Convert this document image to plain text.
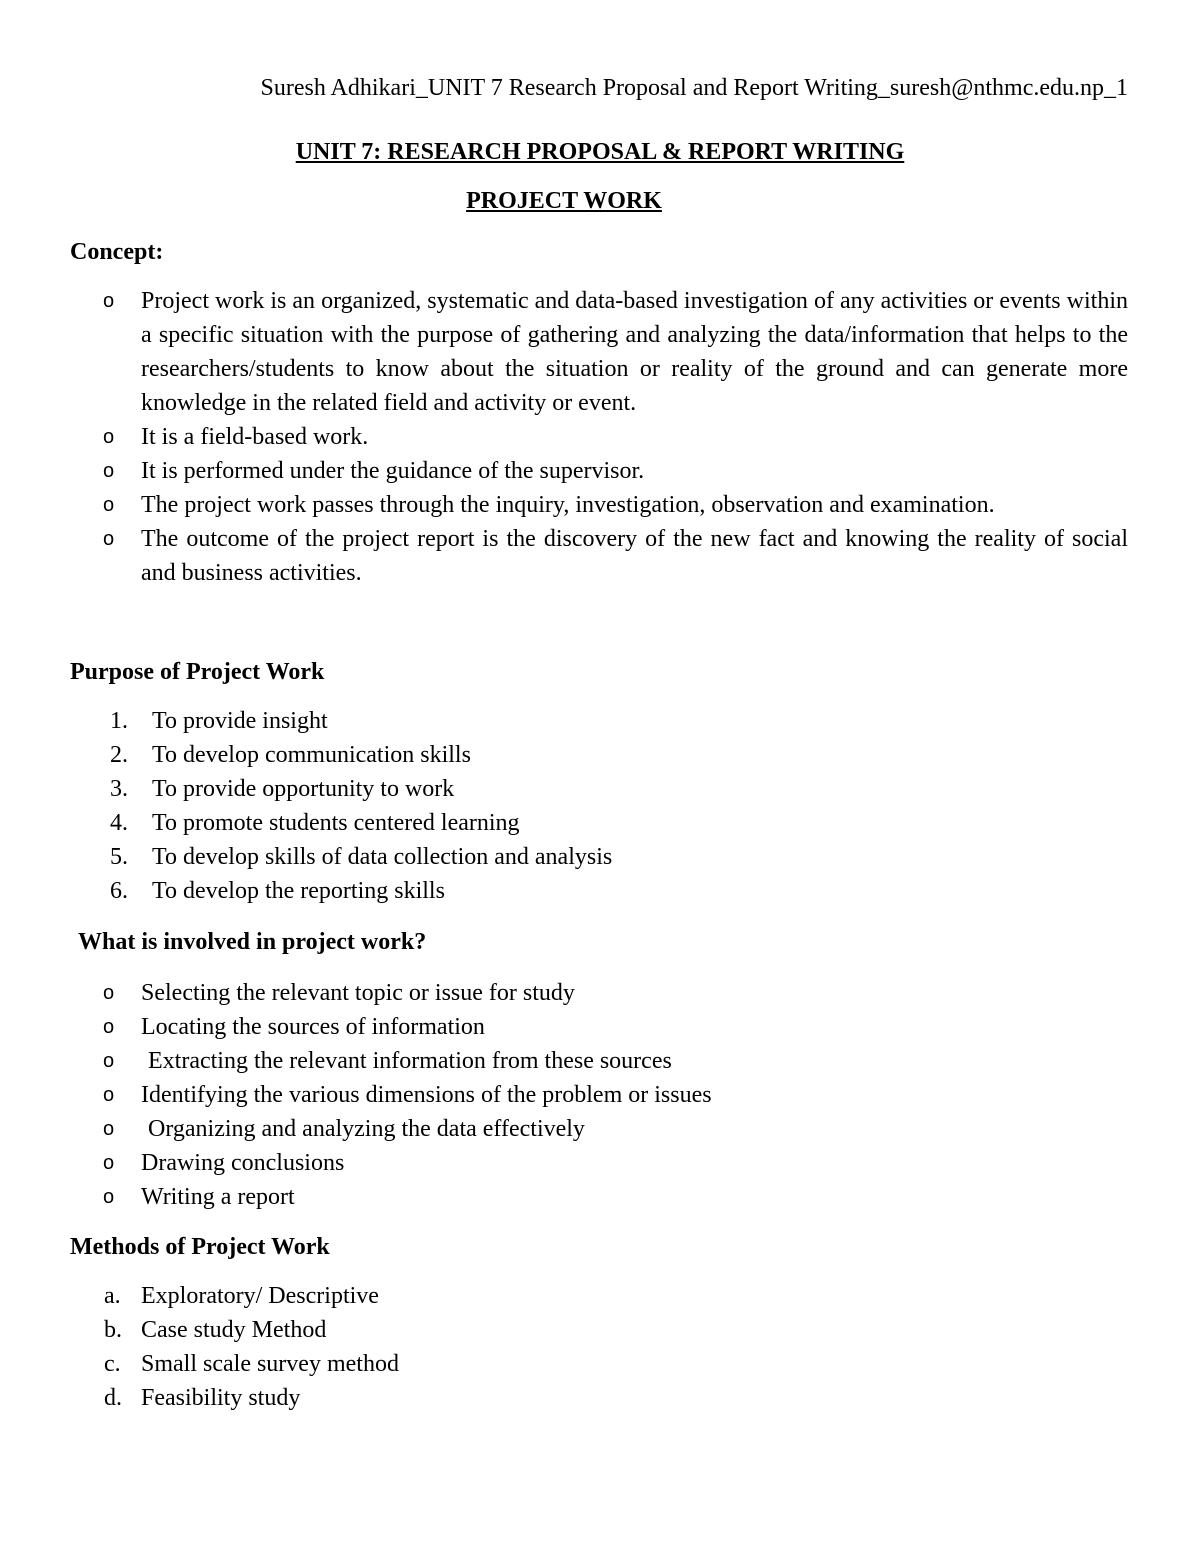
Suresh Adhikari_UNIT 7 Research Proposal and Report Writing_suresh@nthmc.edu.np_1
UNIT 7: RESEARCH PROPOSAL & REPORT WRITING
PROJECT WORK
Concept:
o	Project work is an organized, systematic and data-based investigation of any activities or events within a specific situation with the purpose of gathering and analyzing the data/information that helps to the researchers/students to know about the situation or reality of the ground and can generate more knowledge in the related field and activity or event.
o	It is a field-based work.
o	It is performed under the guidance of the supervisor.
o	The project work passes through the inquiry, investigation, observation and examination.
o	The outcome of the project report is the discovery of the new fact and knowing the reality of social and business activities.
Purpose of Project Work
1.	To provide insight
2.	To develop communication skills
3.	To provide opportunity to work
4.	To promote students centered learning
5.	To develop skills of data collection and analysis
6.	To develop the reporting skills
What is involved in project work?
o	Selecting the relevant topic or issue for study
o	Locating the sources of information
o	Extracting the relevant information from these sources
o	Identifying the various dimensions of the problem or issues
o	Organizing and analyzing the data effectively
o	Drawing conclusions
o	Writing a report
Methods of Project Work
a. Exploratory/ Descriptive
b. Case study Method
c. Small scale survey method
d. Feasibility study
